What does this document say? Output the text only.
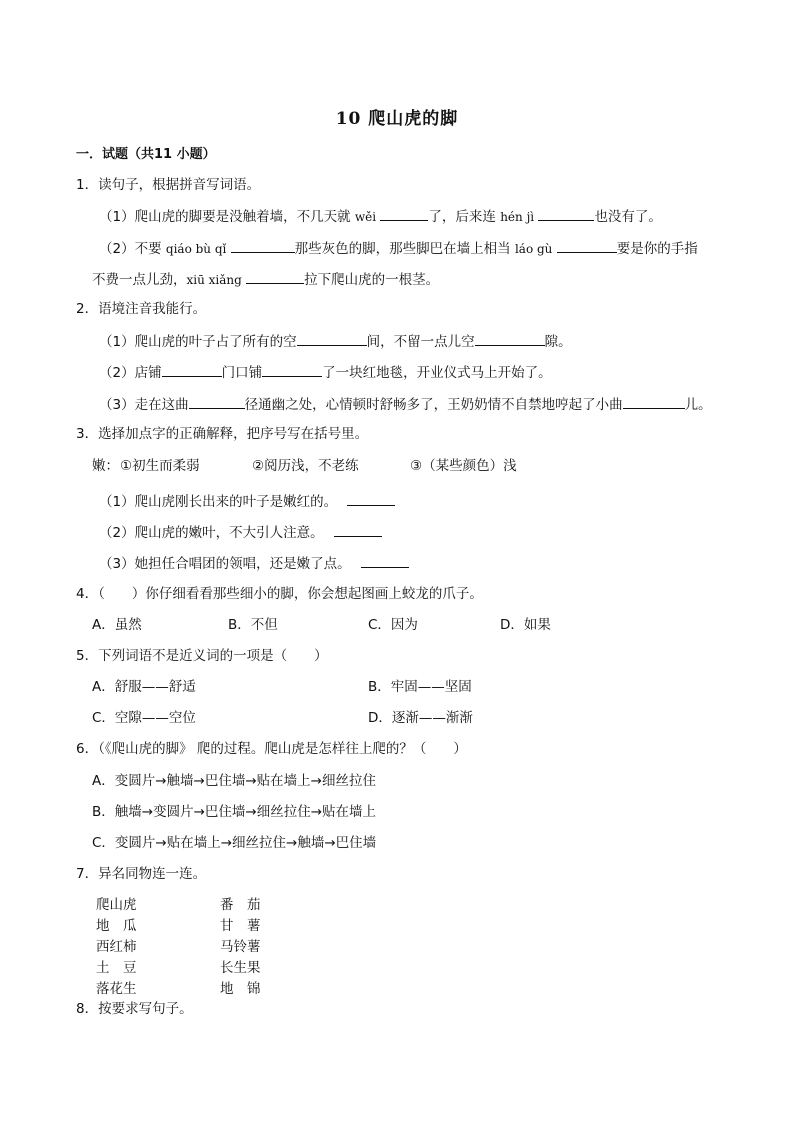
10 爬山虎的脚
一．试题（共11 小题）
1．读句子，根据拼音写词语。
（1）爬山虎的脚要是没触着墙，不几天就 wěi	了，后来连 hén jì	也没有了。
（2）不要 qiáo bù qǐ	那些灰色的脚，那些脚巴在墙上相当 láo gù	要是你的手指
不费一点儿劲，xiū xiǎng	拉下爬山虎的一根茎。
2．语境注音我能行。
（1）爬山虎的叶子占了所有的空	间，不留一点儿空	隙。
（2）店铺	门口铺	了一块红地毯，开业仪式马上开始了。
（3）走在这曲	径通幽之处，心情顿时舒畅多了，王奶奶情不自禁地哼起了小曲	儿。
3．选择加点字的正确解释，把序号写在括号里。
嫩： ①初生而柔弱	②阅历浅，不老练	③（某些颜色）浅
（1）爬山虎刚长出来的叶子是嫩红的。
（2）爬山虎的嫩叶，不大引人注意。
（3）她担任合唱团的领唱，还是嫩了点。
4．（　　）你仔细看看那些细小的脚，你会想起图画上蛟龙的爪子。
A．虽然	B．不但	C．因为	D．如果
5．下列词语不是近义词的一项是（　　）
A．舒服——舒适	B．牢固——坚固
C．空隙——空位	D．逐渐——渐渐
6．（《爬山虎的脚》 爬的过程。爬山虎是怎样往上爬的？（　　）
A．变圆片→触墙→巴住墙→贴在墙上→细丝拉住
B．触墙→变圆片→巴住墙→细丝拉住→贴在墙上
C．变圆片→贴在墙上→细丝拉住→触墙→巴住墙
7．异名同物连一连。
爬山虎	番　茄
地　瓜	甘　薯
西红柿	马铃薯
土　豆	长生果
落花生	地　锦
8．按要求写句子。
